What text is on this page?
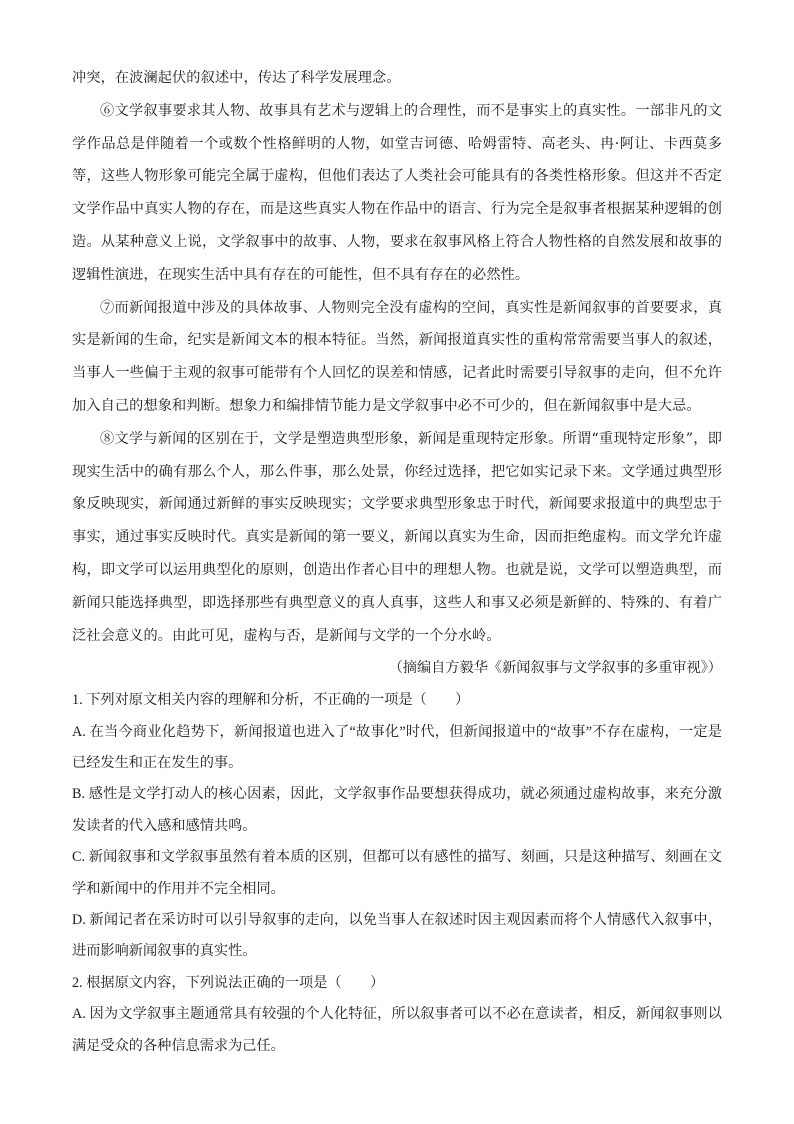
冲突，在波澜起伏的叙述中，传达了科学发展理念。

⑥文学叙事要求其人物、故事具有艺术与逻辑上的合理性，而不是事实上的真实性。一部非凡的文学作品总是伴随着一个或数个性格鲜明的人物，如堂吉诃德、哈姆雷特、高老头、冉·阿让、卡西莫多等，这些人物形象可能完全属于虚构，但他们表达了人类社会可能具有的各类性格形象。但这并不否定文学作品中真实人物的存在，而是这些真实人物在作品中的语言、行为完全是叙事者根据某种逻辑的创造。从某种意义上说，文学叙事中的故事、人物，要求在叙事风格上符合人物性格的自然发展和故事的逻辑性演进，在现实生活中具有存在的可能性，但不具有存在的必然性。

⑦而新闻报道中涉及的具体故事、人物则完全没有虚构的空间，真实性是新闻叙事的首要要求，真实是新闻的生命，纪实是新闻文本的根本特征。当然，新闻报道真实性的重构常常需要当事人的叙述，当事人一些偏于主观的叙事可能带有个人回忆的误差和情感，记者此时需要引导叙事的走向，但不允许加入自己的想象和判断。想象力和编排情节能力是文学叙事中必不可少的，但在新闻叙事中是大忌。

⑧文学与新闻的区别在于，文学是塑造典型形象，新闻是重现特定形象。所谓“重现特定形象”，即现实生活中的确有那么个人，那么件事，那么处景，你经过选择，把它如实记录下来。文学通过典型形象反映现实，新闻通过新鲜的事实反映现实；文学要求典型形象忠于时代，新闻要求报道中的典型忠于事实，通过事实反映时代。真实是新闻的第一要义，新闻以真实为生命，因而拒绝虚构。而文学允许虚构，即文学可以运用典型化的原则，创造出作者心目中的理想人物。也就是说，文学可以塑造典型，而新闻只能选择典型，即选择那些有典型意义的真人真事，这些人和事又必须是新鲜的、特殊的、有着广泛社会意义的。由此可见，虚构与否，是新闻与文学的一个分水岭。

（摘编自方毅华《新闻叙事与文学叙事的多重审视》）

1. 下列对原文相关内容的理解和分析，不正确的一项是（　　）

A. 在当今商业化趋势下，新闻报道也进入了“故事化”时代，但新闻报道中的“故事”不存在虚构，一定是已经发生和正在发生的事。

B. 感性是文学打动人的核心因素，因此，文学叙事作品要想获得成功，就必须通过虚构故事，来充分激发读者的代入感和感情共鸣。

C. 新闻叙事和文学叙事虽然有着本质的区别，但都可以有感性的描写、刻画，只是这种描写、刻画在文学和新闻中的作用并不完全相同。

D. 新闻记者在采访时可以引导叙事的走向，以免当事人在叙述时因主观因素而将个人情感代入叙事中，进而影响新闻叙事的真实性。

2. 根据原文内容，下列说法正确的一项是（　　）

A. 因为文学叙事主题通常具有较强的个人化特征，所以叙事者可以不必在意读者，相反，新闻叙事则以满足受众的各种信息需求为己任。
